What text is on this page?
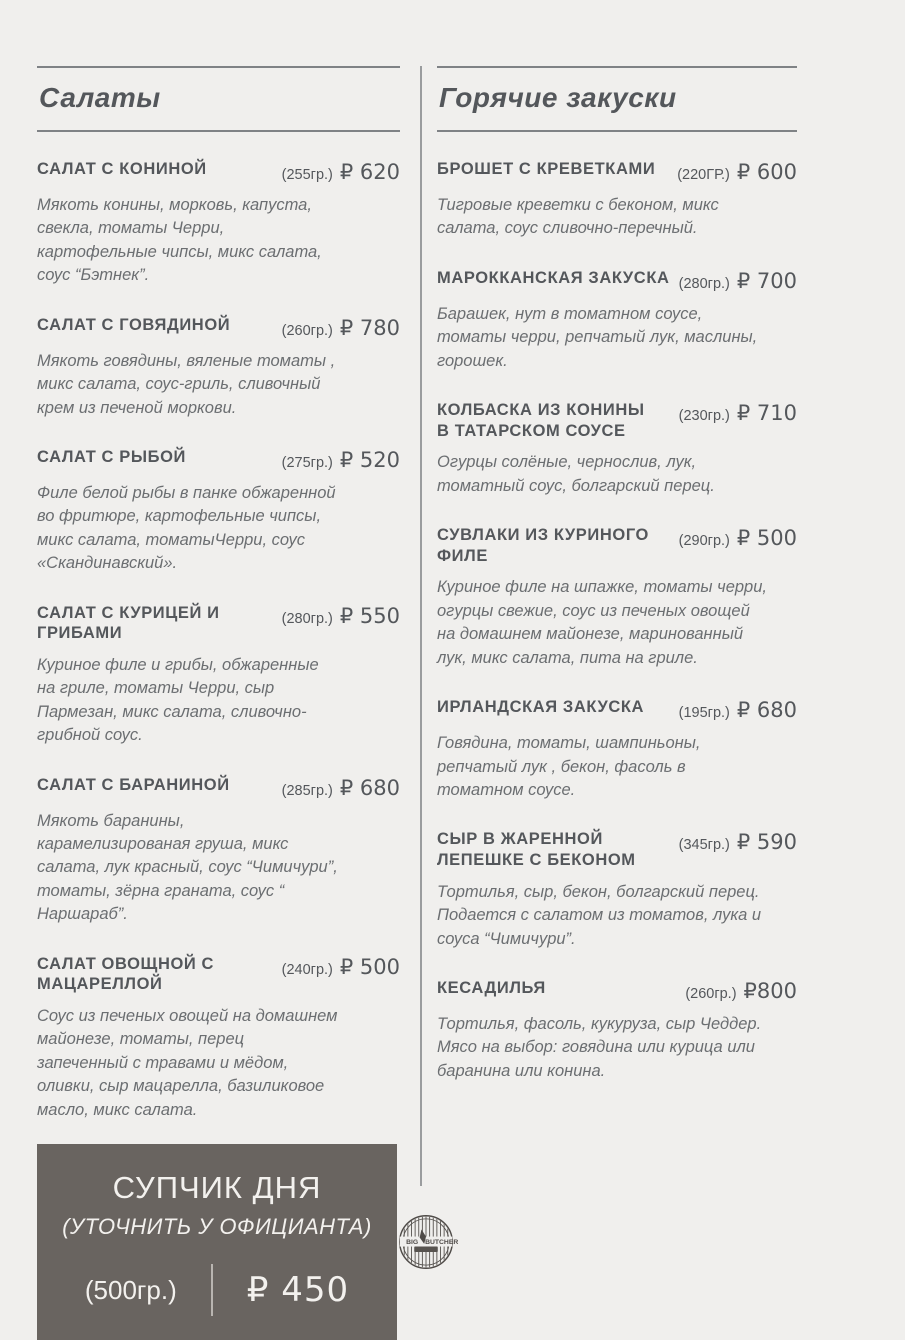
Салаты
САЛАТ С КОНИНОЙ	(255гр.) ₽ 620
Мякоть конины, морковь, капуста, свекла, томаты Черри, картофельные чипсы, микс салата, соус “Бэтнек”.
САЛАТ С ГОВЯДИНОЙ	(260гр.) ₽ 780
Мякоть говядины, вяленые томаты , микс салата, соус-гриль, сливочный крем из печеной моркови.
САЛАТ С РЫБОЙ	(275гр.) ₽ 520
Филе белой рыбы в панке обжаренной во фритюре, картофельные чипсы, микс салата, томатыЧерри, соус «Скандинавский».
САЛАТ С КУРИЦЕЙ И ГРИБАМИ
(280гр.) ₽ 550
Куриное филе и грибы, обжаренные на гриле, томаты Черри, сыр Пармезан, микс салата, сливочно-грибной соус.
САЛАТ С БАРАНИНОЙ	(285гр.) ₽ 680
Мякоть баранины, карамелизированая груша, микс салата, лук красный, соус “Чимичури”, томаты, зёрна граната, соус “ Наршараб”.
САЛАТ ОВОЩНОЙ С МАЦАРЕЛЛОЙ
(240гр.) ₽ 500
Соус из печеных овощей на домашнем майонезе, томаты, перец запеченный с травами и мёдом, оливки, сыр мацарелла, базиликовое масло, микс салата.
СУПЧИК ДНЯ
(УТОЧНИТЬ У ОФИЦИАНТА)
(500гр.) ₽ 450
Горячие закуски
БРОШЕТ С КРЕВЕТКАМИ	(220ГР.) ₽ 600
Тигровые креветки с беконом, микс салата, соус сливочно-перечный.
МАРОККАНСКАЯ ЗАКУСКА (280гр.) ₽ 700
Барашек, нут в томатном соусе, томаты черри, репчатый лук, маслины, горошек.
КОЛБАСКА ИЗ КОНИНЫ В ТАТАРСКОМ СОУСЕ
(230гр.) ₽ 710
Огурцы солёные, чернослив, лук, томатный соус, болгарский перец.
СУВЛАКИ ИЗ КУРИНОГО ФИЛЕ
(290гр.) ₽ 500
Куриное филе на шпажке, томаты черри, огурцы свежие, соус из печеных овощей на домашнем майонезе, маринованный лук, микс салата, пита на гриле.
ИРЛАНДСКАЯ ЗАКУСКА	(195гр.) ₽ 680
Говядина, томаты, шампиньоны, репчатый лук , бекон, фасоль в томатном соусе.
СЫР В ЖАРЕННОЙ ЛЕПЕШКЕ С БЕКОНОМ
(345гр.) ₽ 590
Тортилья, сыр, бекон, болгарский перец. Подается с салатом из томатов, лука и соуса “Чимичури”.
КЕСАДИЛЬЯ	(260гр.) ₽800
Тортилья, фасоль, кукуруза, сыр Чеддер. Мясо на выбор: говядина или курица или баранина или конина.
BIG BUTCHER
